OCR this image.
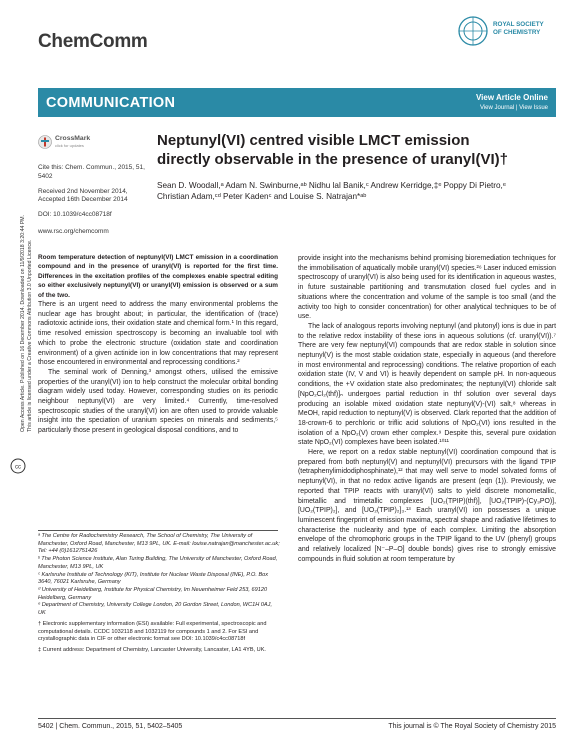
Open Access Article. Published on 16 December 2014. Downloaded on 11/9/2018 3:20:44 PM. This article is licensed under a Creative Commons Attribution 3.0 Unported Licence.
cc
ChemComm
ROYAL SOCIETY
OF CHEMISTRY
COMMUNICATION	View Article Online
View Journal | View Issue
CrossMark
click for updates	Neptunyl(VI) centred visible LMCT emission directly observable in the presence of uranyl(VI)†
Sean D. Woodall,ᵃ Adam N. Swinburne,ᵃᵇ Nidhu lal Banik,ᶜ Andrew Kerridge,‡ᵉ Poppy Di Pietro,ᵉ Christian Adam,ᶜᵈ Peter Kadenᶜ and Louise S. Natrajan*ᵃᵇ
Cite this: Chem. Commun., 2015, 51, 5402
Received 2nd November 2014,
Accepted 16th December 2014
DOI: 10.1039/c4cc08718f
www.rsc.org/chemcomm
Room temperature detection of neptunyl(VI) LMCT emission in a coordination compound and in the presence of uranyl(VI) is reported for the first time. Differences in the excitation profiles of the complexes enable spectral editing so either exclusively neptunyl(VI) or uranyl(VI) emission is observed or a sum of the two.

There is an urgent need to address the many environmental problems the nuclear age has brought about; in particular, the identification of (trace) radiotoxic actinide ions, their oxidation state and chemical form.¹ In this regard, time resolved emission spectroscopy is becoming an invaluable tool with which to probe the electronic structure (oxidation state and coordination environment) of a given actinide ion in low concentrations that may represent those encountered in environmental and reprocessing conditions.²

The seminal work of Denning,³ amongst others, utilised the emissive properties of the uranyl(VI) ion to help construct the molecular orbital bonding diagram widely used today. However, corresponding studies on its periodic neighbour neptunyl(VI) are very limited.⁴ Currently, time-resolved spectroscopic studies of the uranyl(VI) ion are often used to provide valuable insight into the speciation of uranium species on minerals and sediments,⁵ particularly those present in geological disposal conditions, and to

provide insight into the mechanisms behind promising bioremediation techniques for the immobilisation of aquatically mobile uranyl(VI) species.²⁶ Laser induced emission spectroscopy of uranyl(VI) is also being used for its identification in aqueous wastes, in future sustainable partitioning and transmutation closed fuel cycles and in situations where the concentration and volume of the sample is too small (and the activity too high to consider concentration) for other analytical techniques to be of use.

The lack of analogous reports involving neptunyl (and plutonyl) ions is due in part to the relative redox instability of these ions in aqueous solutions (cf. uranyl(VI)).⁷ There are very few neptunyl(VI) compounds that are redox stable in solution since neptunyl(V) is the most stable oxidation state, especially in aqueous (and therefore in most environmental and reprocessing) conditions. The relative proportion of each oxidation state (IV, V and VI) is heavily dependent on sample pH. In non-aqueous conditions, the +V oxidation state also predominates; the neptunyl(VI) chloride salt [NpO₂Cl₂(thf)]ₙ undergoes partial reduction in thf solution over several days producing an isolable mixed oxidation state neptunyl(V)-(VI) salt,⁸ whereas in MeOH, rapid reduction to neptunyl(V) is observed. Clark reported that the addition of 18-crown-6 to perchloric or triflic acid solutions of NpO₂(VI) ions resulted in the isolation of a NpO₂(V) crown ether complex.⁹ Despite this, several pure oxidation state NpO₂(VI) complexes have been isolated.¹⁰¹¹

Here, we report on a redox stable neptunyl(VI) coordination compound that is prepared from both neptunyl(V) and neptunyl(VI) precursors with the ligand TPIP (tetraphenylimidodiphosphinate),¹² that may well serve to model solvated forms of neptunyl(VI), in that no redox active ligands are present (eqn (1)). Previously, we reported that TPIP reacts with uranyl(VI) salts to yield discrete monometallic, bimetallic and trimetallic complexes [UO₂(TPIP)(thf)], [UO₂(TPIP)-(Cy₃PO)], [UO₂(TPIP)₂], and [UO₂(TPIP)₂]₃.¹³ Each uranyl(VI) ion possesses a unique luminescent fingerprint of emission maxima, spectral shape and radiative lifetimes to characterise the nuclearity and type of each complex. Limiting the absorption envelope of the chromophoric groups in the TPIP ligand to the UV (phenyl) groups and relatively localized [N⁻–P–O] double bonds) gives rise to strongly emissive compounds in fluid solution at room temperature by

ᵃ The Centre for Radiochemistry Research, The School of Chemistry, The University of Manchester, Oxford Road, Manchester, M13 9PL, UK. E-mail: louise.natrajan@manchester.ac.uk; Tel: +44 (0)1612751426
ᵇ The Photon Science Institute, Alan Turing Building, The University of Manchester, Oxford Road, Manchester, M13 9PL, UK
ᶜ Karlsruhe Institute of Technology (KIT), Institute for Nuclear Waste Disposal (INE), P.O. Box 3640, 76021 Karlsruhe, Germany
ᵈ University of Heidelberg, Institute for Physical Chemistry, Im Neuenheimer Feld 253, 69120 Heidelberg, Germany
ᵉ Department of Chemistry, University College London, 20 Gordon Street, London, WC1H 0AJ, UK
† Electronic supplementary information (ESI) available: Full experimental, spectroscopic and computational details. CCDC 1032118 and 1032119 for compounds 1 and 2. For ESI and crystallographic data in CIF or other electronic format see DOI: 10.1039/c4cc08718f
‡ Current address: Department of Chemistry, Lancaster University, Lancaster, LA1 4YB, UK.
5402 | Chem. Commun., 2015, 51, 5402–5405	This journal is © The Royal Society of Chemistry 2015
